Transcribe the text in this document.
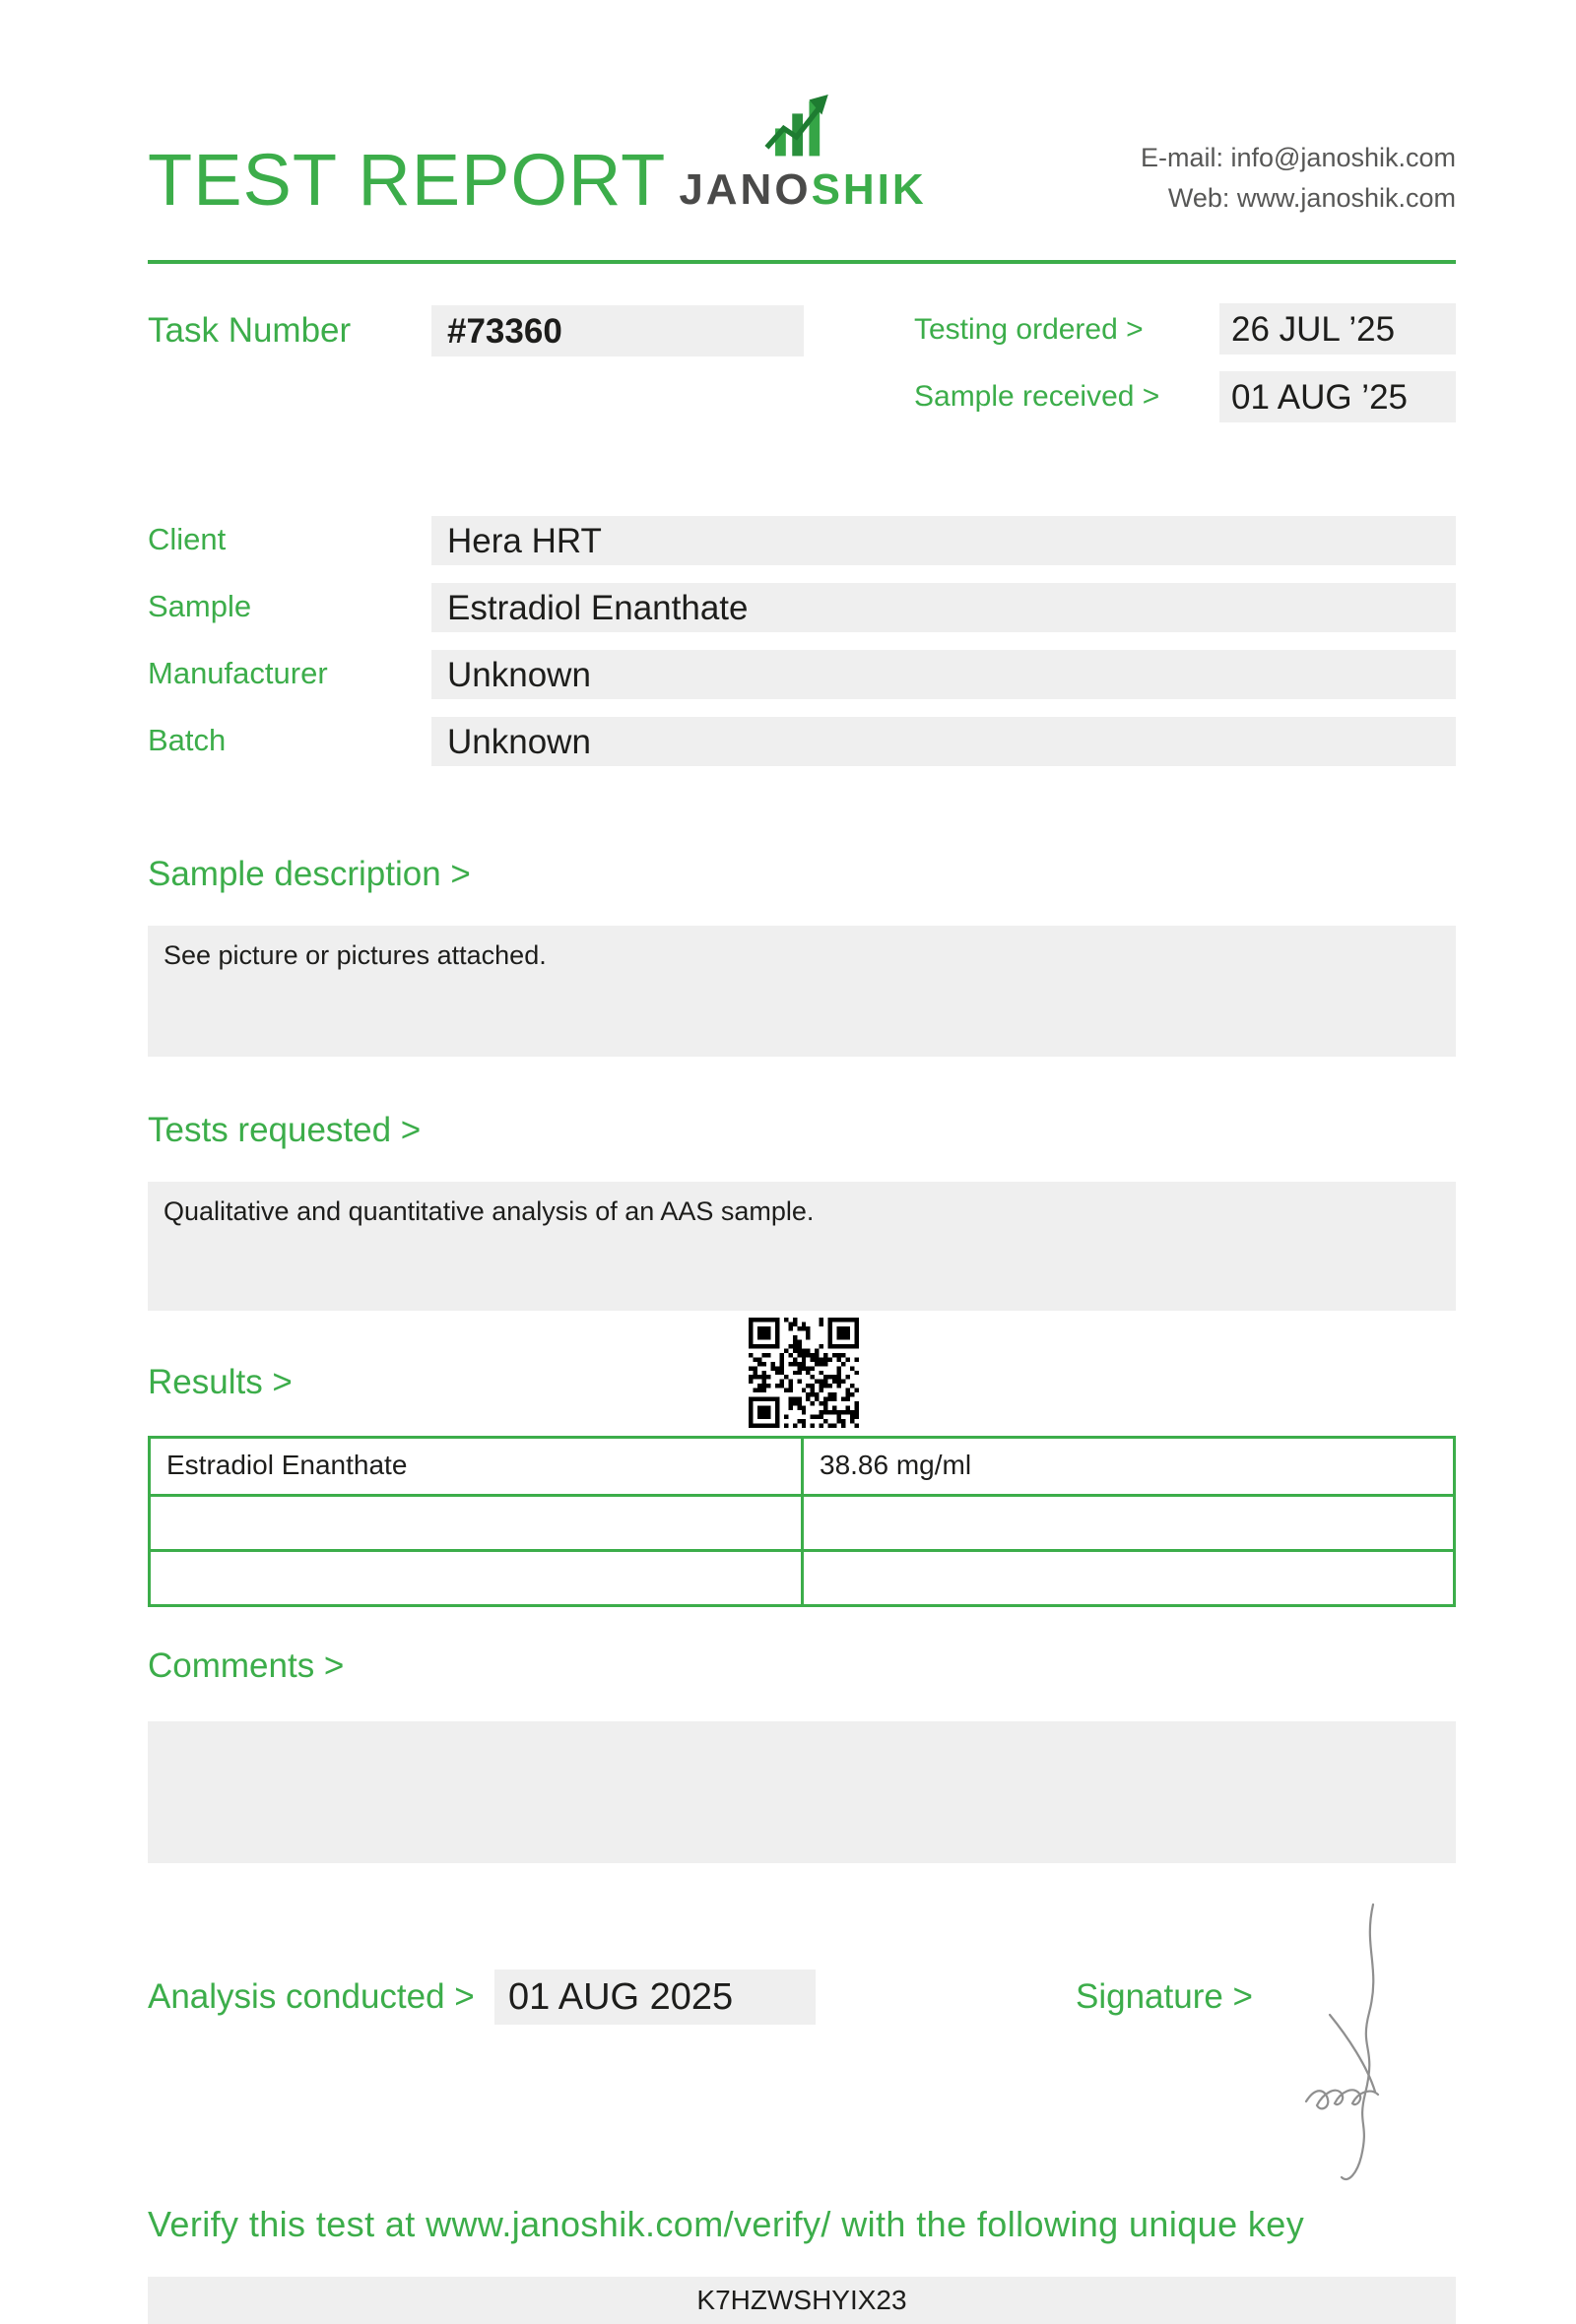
TEST REPORT JANOSHIK
E-mail: info@janoshik.com
Web: www.janoshik.com
Task Number	#73360	Testing ordered >	26 JUL ’25
Sample received >	01 AUG ’25
Client	Hera HRT
Sample	Estradiol Enanthate
Manufacturer	Unknown
Batch	Unknown
Sample description >
See picture or pictures attached.
Tests requested >
Qualitative and quantitative analysis of an AAS sample.
Results >
Estradiol Enanthate	38.86 mg/ml
Comments >
Analysis conducted > 01 AUG 2025	Signature >
Verify this test at www.janoshik.com/verify/ with the following unique key
K7HZWSHYIX23
